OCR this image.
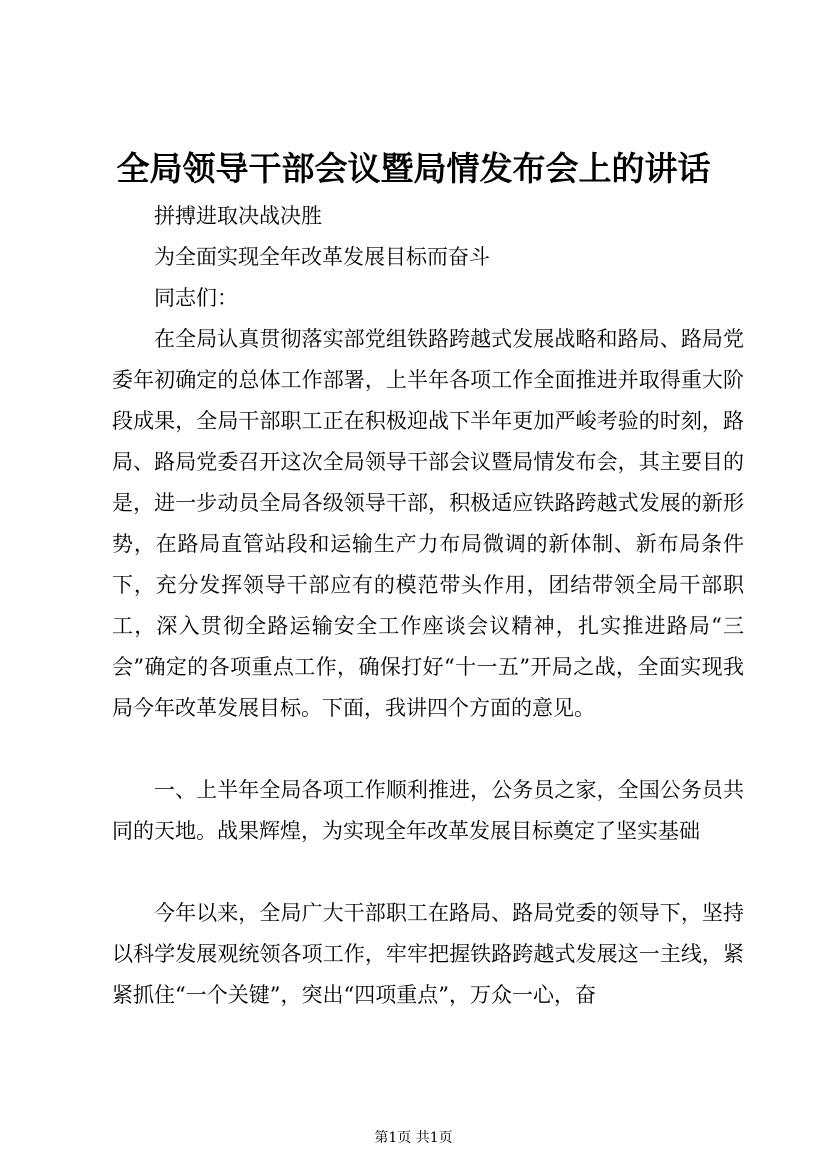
全局领导干部会议暨局情发布会上的讲话
拼搏进取决战决胜
为全面实现全年改革发展目标而奋斗
同志们：
在全局认真贯彻落实部党组铁路跨越式发展战略和路局、路局党委年初确定的总体工作部署，上半年各项工作全面推进并取得重大阶段成果，全局干部职工正在积极迎战下半年更加严峻考验的时刻，路局、路局党委召开这次全局领导干部会议暨局情发布会，其主要目的是，进一步动员全局各级领导干部，积极适应铁路跨越式发展的新形势，在路局直管站段和运输生产力布局微调的新体制、新布局条件下，充分发挥领导干部应有的模范带头作用，团结带领全局干部职工，深入贯彻全路运输安全工作座谈会议精神，扎实推进路局“三会”确定的各项重点工作，确保打好“十一五”开局之战，全面实现我局今年改革发展目标。下面，我讲四个方面的意见。
一、上半年全局各项工作顺利推进，公务员之家，全国公务员共同的天地。战果辉煌，为实现全年改革发展目标奠定了坚实基础
今年以来，全局广大干部职工在路局、路局党委的领导下，坚持以科学发展观统领各项工作，牢牢把握铁路跨越式发展这一主线，紧紧抓住“一个关键”，突出“四项重点”，万众一心，奋
第1页 共1页
